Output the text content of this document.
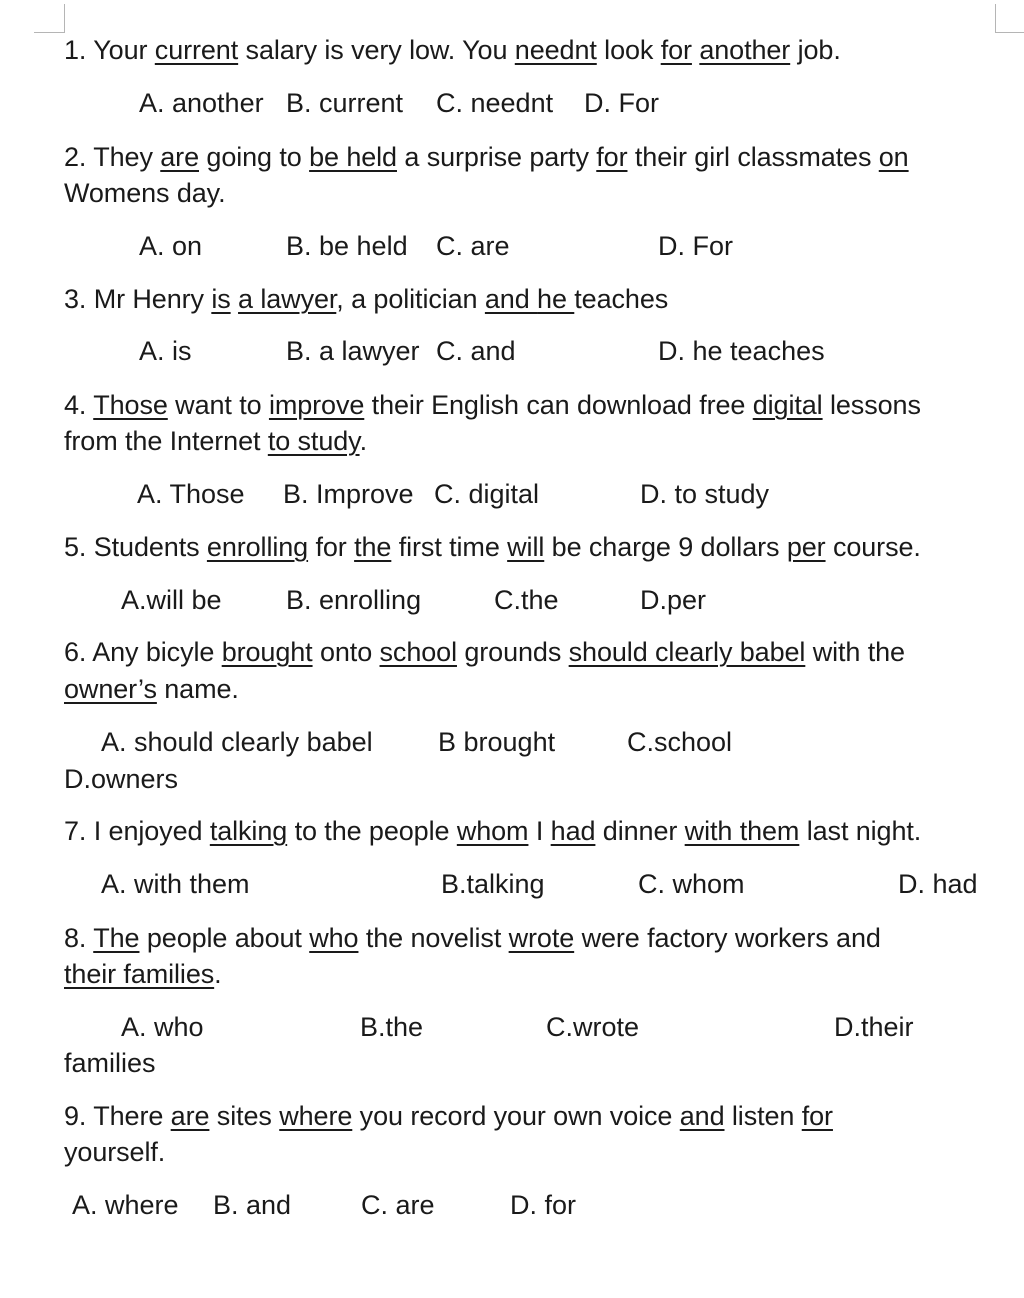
1. Your current salary is very low. You neednt look for another job.
A. another B. current C. neednt D. For
2. They are going to be held a surprise party for their girl classmates on
Womens day.
A. on	B. be held C. are	D. For
3. Mr Henry is a lawyer, a politician and he teaches
A. is	B. a lawyer C. and	D. he teaches
4. Those want to improve their English can download free digital lessons
from the Internet to study.
A. Those B. Improve C. digital	D. to study
5. Students enrolling for the first time will be charge 9 dollars per course.
A.will be B. enrolling	C.the	D.per
6. Any bicyle brought onto school grounds should clearly babel with the
owner’s name.
A. should clearly babel B brought	C.school
D.owners
7. I enjoyed talking to the people whom I had dinner with them last night.
A. with them	B.talking	C. whom	D. had
8. The people about who the novelist wrote were factory workers and
their families.
A. who	B.the	C.wrote	D.their
families
9. There are sites where you record your own voice and listen for
yourself.
A. where B. and	C. are	D. for
